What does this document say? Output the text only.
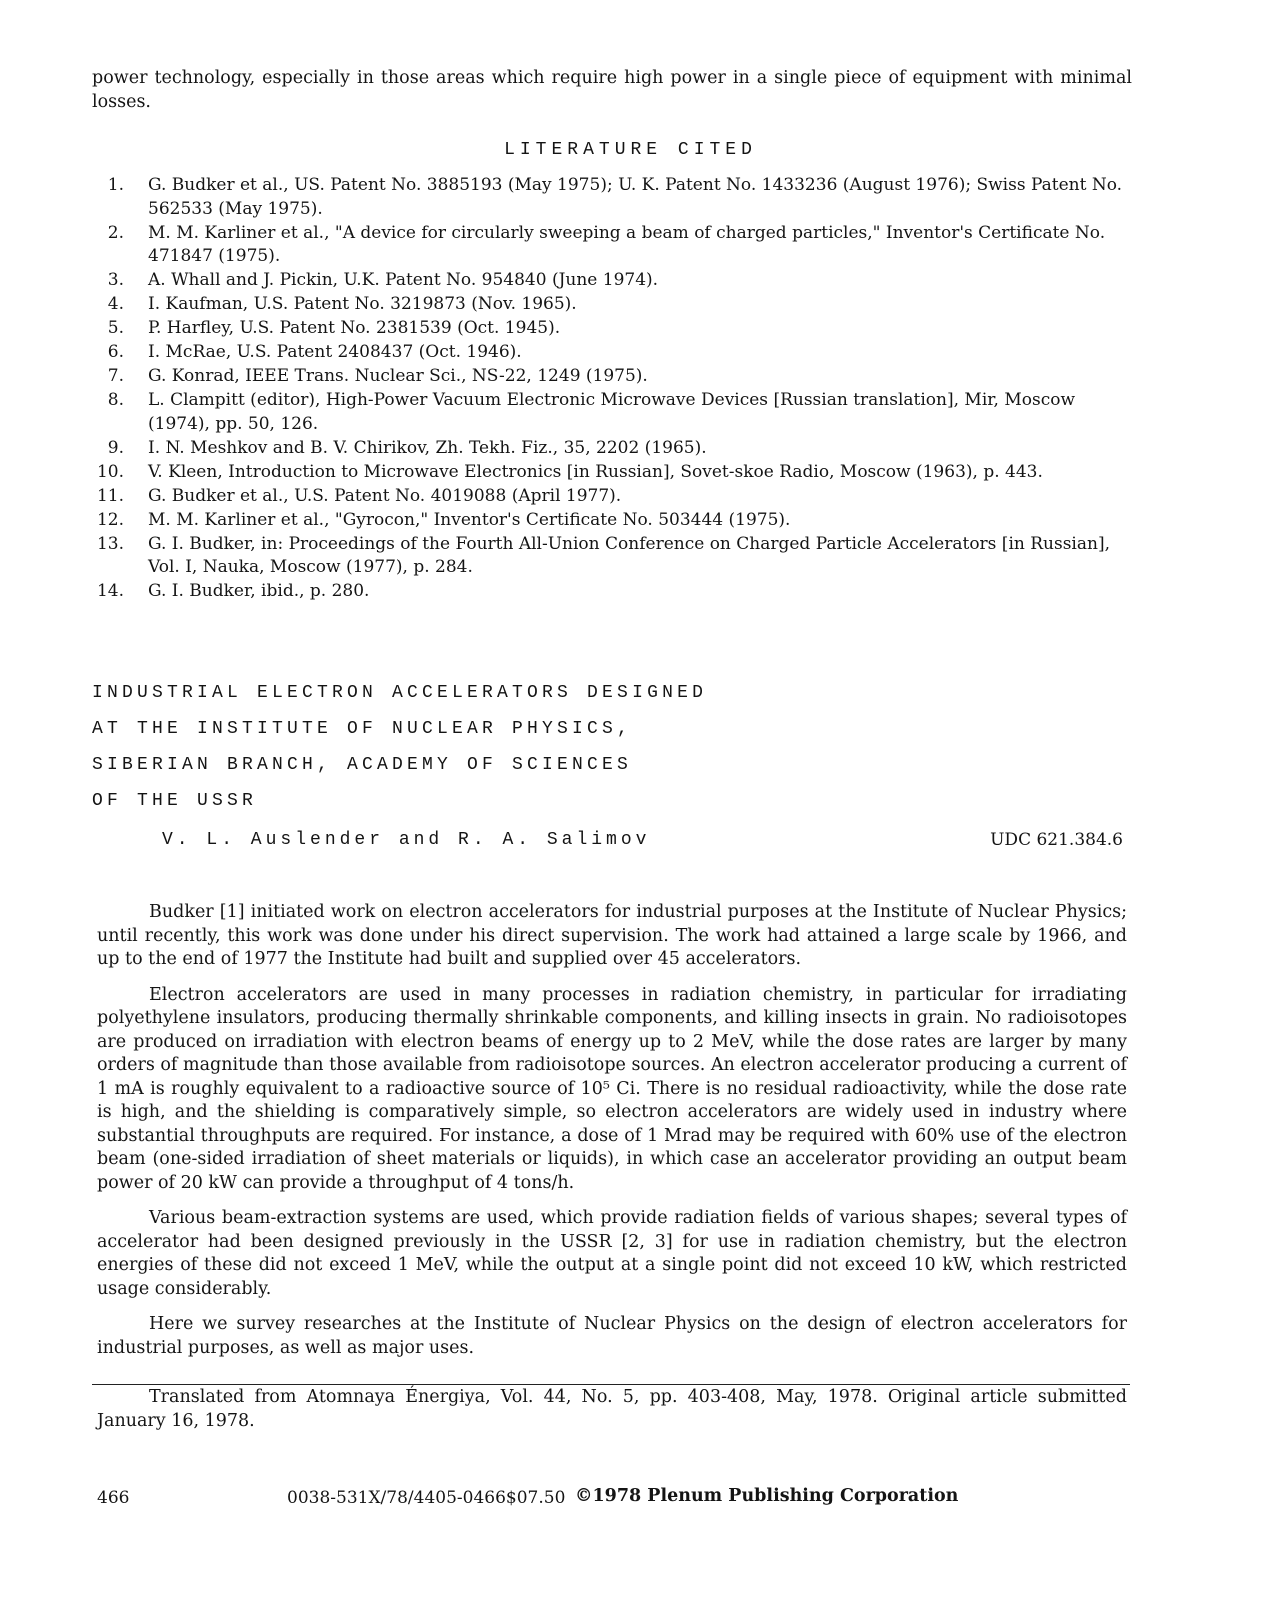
power technology, especially in those areas which require high power in a single piece of equipment with minimal losses.

LITERATURE CITED
1. G. Budker et al., US. Patent No. 3885193 (May 1975); U. K. Patent No. 1433236 (August 1976); Swiss Patent No. 562533 (May 1975).
2. M. M. Karliner et al., "A device for circularly sweeping a beam of charged particles," Inventor's Certificate No. 471847 (1975).
3. A. Whall and J. Pickin, U.K. Patent No. 954840 (June 1974).
4. I. Kaufman, U.S. Patent No. 3219873 (Nov. 1965).
5. P. Harfley, U.S. Patent No. 2381539 (Oct. 1945).
6. I. McRae, U.S. Patent 2408437 (Oct. 1946).
7. G. Konrad, IEEE Trans. Nuclear Sci., NS-22, 1249 (1975).
8. L. Clampitt (editor), High-Power Vacuum Electronic Microwave Devices [Russian translation], Mir, Moscow (1974), pp. 50, 126.
9. I. N. Meshkov and B. V. Chirikov, Zh. Tekh. Fiz., 35, 2202 (1965).
10. V. Kleen, Introduction to Microwave Electronics [in Russian], Sovet-skoe Radio, Moscow (1963), p. 443.
11. G. Budker et al., U.S. Patent No. 4019088 (April 1977).
12. M. M. Karliner et al., "Gyrocon," Inventor's Certificate No. 503444 (1975).
13. G. I. Budker, in: Proceedings of the Fourth All-Union Conference on Charged Particle Accelerators [in Russian], Vol. I, Nauka, Moscow (1977), p. 284.
14. G. I. Budker, ibid., p. 280.
INDUSTRIAL ELECTRON ACCELERATORS DESIGNED
AT THE INSTITUTE OF NUCLEAR PHYSICS,
SIBERIAN BRANCH, ACADEMY OF SCIENCES
OF THE USSR
V. L. Auslender and R. A. Salimov	UDC 621.384.6

Budker [1] initiated work on electron accelerators for industrial purposes at the Institute of Nuclear Physics; until recently, this work was done under his direct supervision. The work had attained a large scale by 1966, and up to the end of 1977 the Institute had built and supplied over 45 accelerators.

Electron accelerators are used in many processes in radiation chemistry, in particular for irradiating polyethylene insulators, producing thermally shrinkable components, and killing insects in grain. No radioisotopes are produced on irradiation with electron beams of energy up to 2 MeV, while the dose rates are larger by many orders of magnitude than those available from radioisotope sources. An electron accelerator producing a current of 1 mA is roughly equivalent to a radioactive source of 10⁵ Ci. There is no residual radioactivity, while the dose rate is high, and the shielding is comparatively simple, so electron accelerators are widely used in industry where substantial throughputs are required. For instance, a dose of 1 Mrad may be required with 60% use of the electron beam (one-sided irradiation of sheet materials or liquids), in which case an accelerator providing an output beam power of 20 kW can provide a throughput of 4 tons/h.

Various beam-extraction systems are used, which provide radiation fields of various shapes; several types of accelerator had been designed previously in the USSR [2, 3] for use in radiation chemistry, but the electron energies of these did not exceed 1 MeV, while the output at a single point did not exceed 10 kW, which restricted usage considerably.

Here we survey researches at the Institute of Nuclear Physics on the design of electron accelerators for industrial purposes, as well as major uses.

Translated from Atomnaya Énergiya, Vol. 44, No. 5, pp. 403-408, May, 1978. Original article submitted January 16, 1978.

466	0038-531X/78/4405-0466$07.50 ©1978 Plenum Publishing Corporation
